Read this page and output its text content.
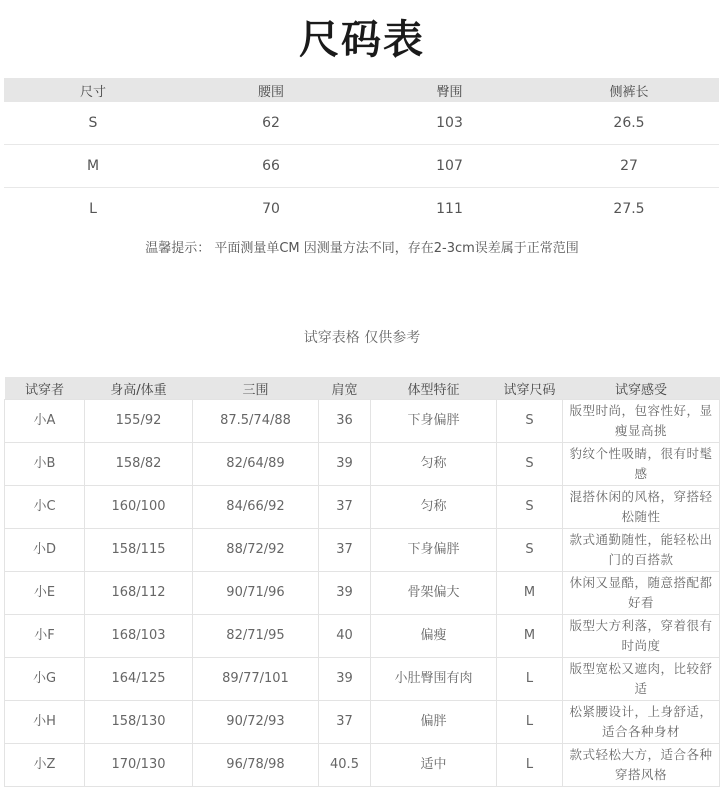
尺码表
尺寸	腰围	臀围	侧裤长
S	62	103	26.5
M	66	107	27
L	70	111	27.5
温馨提示： 平面测量单CM 因测量方法不同，存在2-3cm误差属于正常范围
试穿表格 仅供参考
试穿者	身高/体重	三围	肩宽	体型特征	试穿尺码	试穿感受
小A	155/92	87.5/74/88	36	下身偏胖	S	版型时尚，包容性好，显瘦显高挑
小B	158/82	82/64/89	39	匀称	S	豹纹个性吸睛，很有时髦感
小C	160/100	84/66/92	37	匀称	S	混搭休闲的风格，穿搭轻松随性
小D	158/115	88/72/92	37	下身偏胖	S	款式通勤随性，能轻松出门的百搭款
小E	168/112	90/71/96	39	骨架偏大	M	休闲又显酷，随意搭配都好看
小F	168/103	82/71/95	40	偏瘦	M	版型大方利落，穿着很有时尚度
小G	164/125	89/77/101	39	小肚臀围有肉	L	版型宽松又遮肉，比较舒适
小H	158/130	90/72/93	37	偏胖	L	松紧腰设计，上身舒适，适合各种身材
小Z	170/130	96/78/98	40.5	适中	L	款式轻松大方，适合各种穿搭风格
